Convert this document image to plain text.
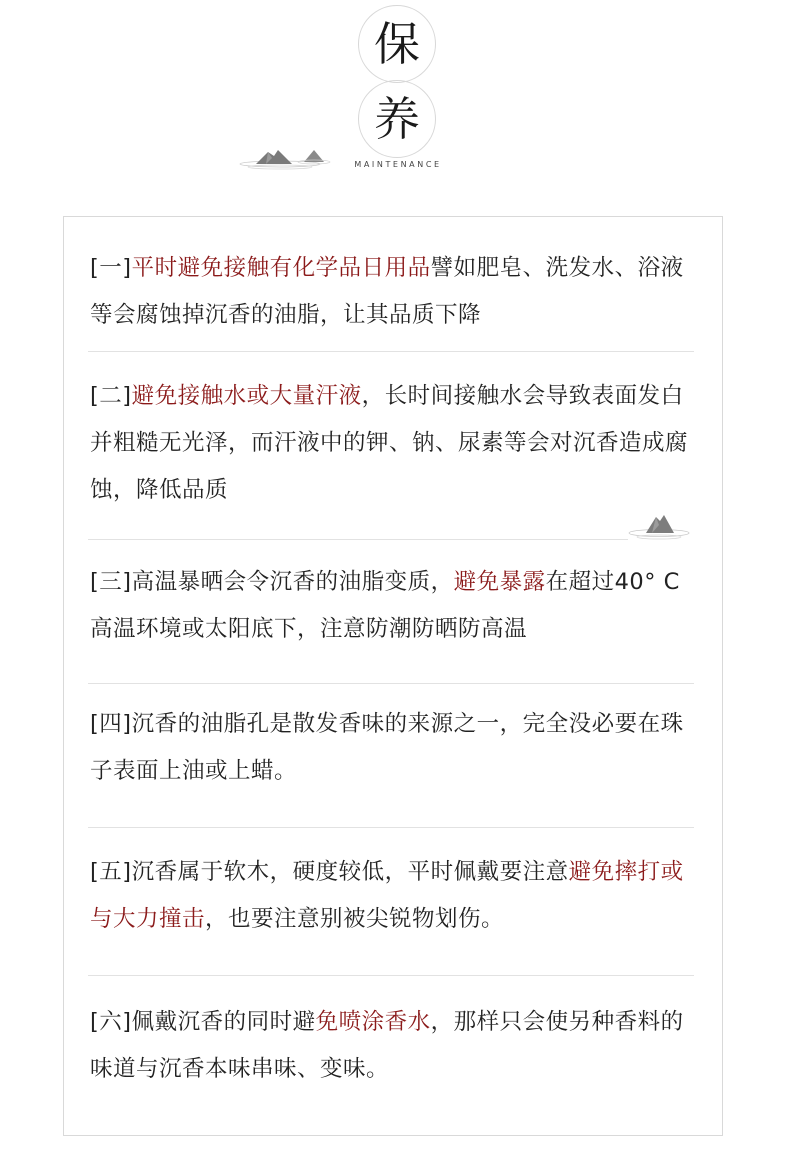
保
养
MAINTENANCE
[一]平时避免接触有化学品日用品譬如肥皂、洗发水、浴液等会腐蚀掉沉香的油脂，让其品质下降
[二]避免接触水或大量汗液，长时间接触水会导致表面发白并粗糙无光泽，而汗液中的钾、钠、尿素等会对沉香造成腐蚀，降低品质
[三]高温暴晒会令沉香的油脂变质，避免暴露在超过40° C高温环境或太阳底下，注意防潮防晒防高温
[四]沉香的油脂孔是散发香味的来源之一，完全没必要在珠子表面上油或上蜡。
[五]沉香属于软木，硬度较低，平时佩戴要注意避免摔打或与大力撞击，也要注意别被尖锐物划伤。
[六]佩戴沉香的同时避免喷涂香水，那样只会使另种香料的味道与沉香本味串味、变味。
